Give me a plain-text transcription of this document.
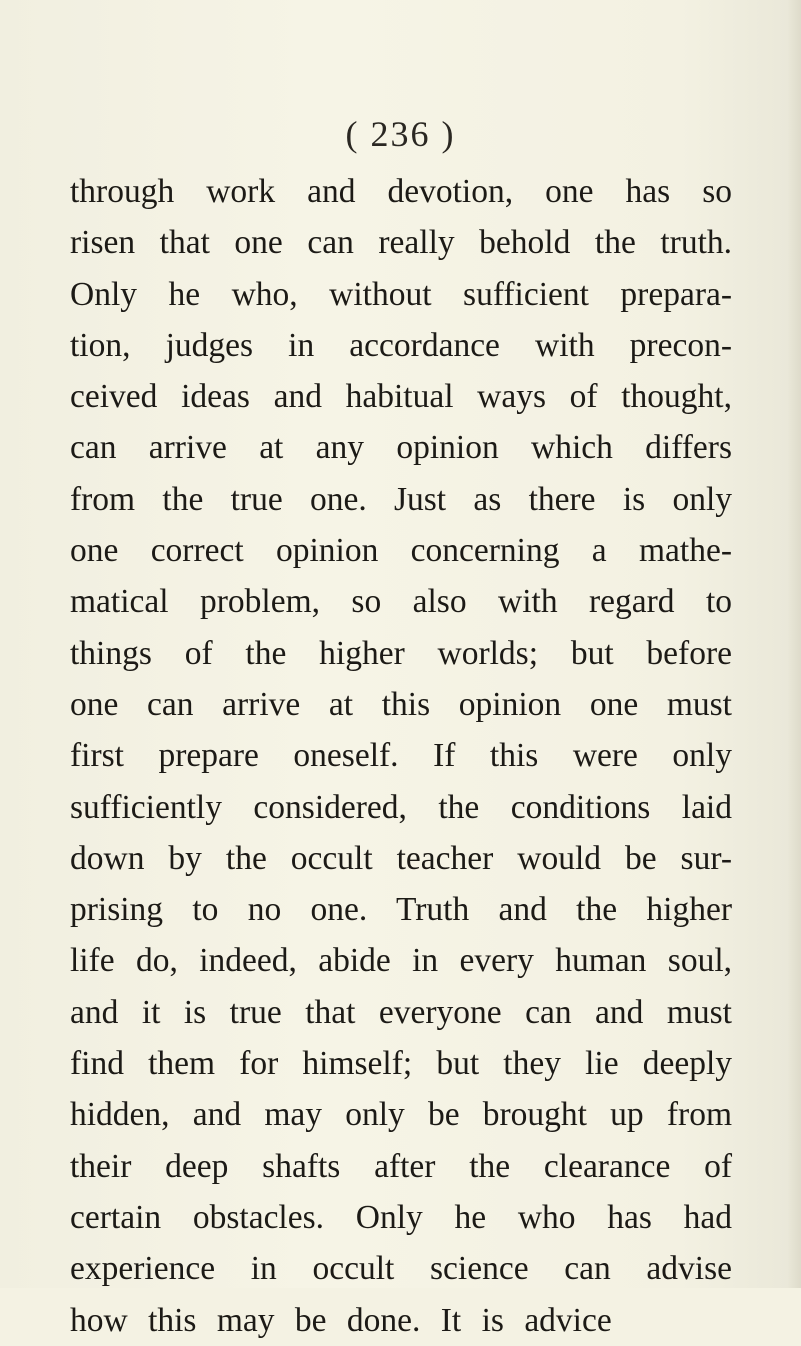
( 236 )
through work and devotion, one has so
risen that one can really behold the truth.
Only he who, without sufficient prepara-
tion, judges in accordance with precon-
ceived ideas and habitual ways of thought,
can arrive at any opinion which differs
from the true one. Just as there is only
one correct opinion concerning a mathe-
matical problem, so also with regard to
things of the higher worlds; but before
one can arrive at this opinion one must
first prepare oneself. If this were only
sufficiently considered, the conditions laid
down by the occult teacher would be sur-
prising to no one. Truth and the higher
life do, indeed, abide in every human soul,
and it is true that everyone can and must
find them for himself; but they lie deeply
hidden, and may only be brought up from
their deep shafts after the clearance of
certain obstacles. Only he who has had
experience in occult science can advise
how this may be done. It is advice
